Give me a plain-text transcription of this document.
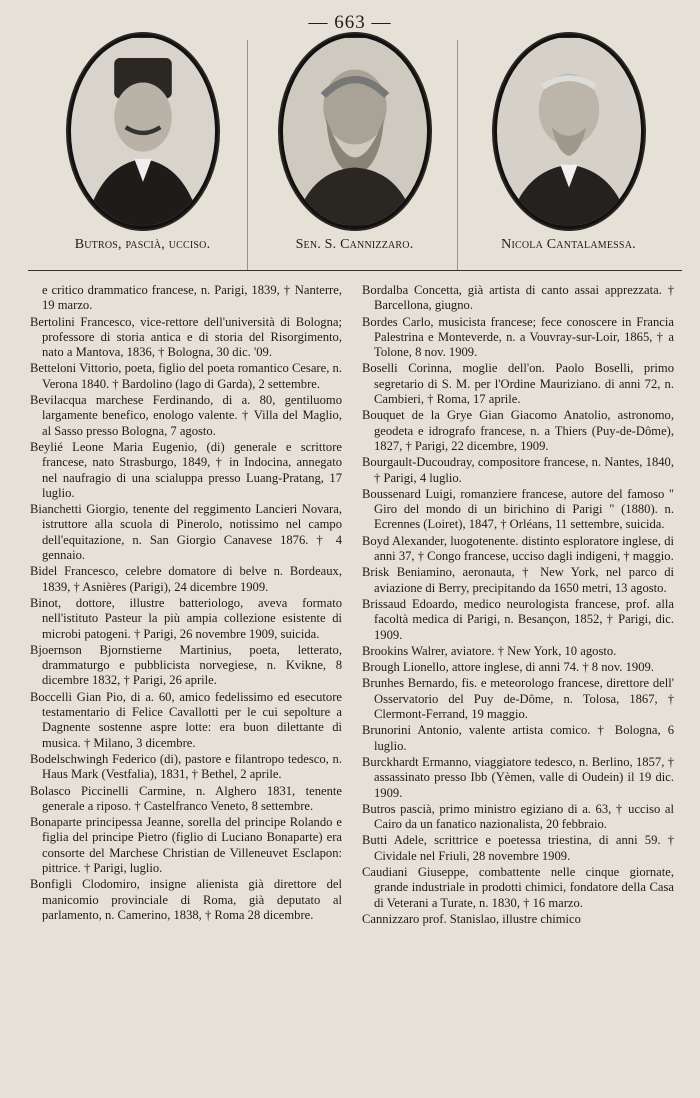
— 663 —
Butros, pascià, ucciso.	Sen. S. Cannizzaro.	Nicola Cantalamessa.

e critico drammatico francese, n. Parigi, 1839, † Nanterre, 19 marzo.

Bertolini Francesco, vice-rettore dell'università di Bologna; professore di storia antica e di storia del Risorgimento, nato a Mantova, 1836, † Bologna, 30 dic. '09.

Betteloni Vittorio, poeta, figlio del poeta romantico Cesare, n. Verona 1840. † Bardolino (lago di Garda), 2 settembre.

Bevilacqua marchese Ferdinando, di a. 80, gentiluomo largamente benefico, enologo valente. † Villa del Maglio, al Sasso presso Bologna, 7 agosto.

Beylié Leone Maria Eugenio, (di) generale e scrittore francese, nato Strasburgo, 1849, † in Indocina, annegato nel naufragio di una scialuppa presso Luang-Pratang, 17 luglio.

Bianchetti Giorgio, tenente del reggimento Lancieri Novara, istruttore alla scuola di Pinerolo, notissimo nel campo dell'equitazione, n. San Giorgio Canavese 1876. † 4 gennaio.

Bidel Francesco, celebre domatore di belve n. Bordeaux, 1839, † Asnières (Parigi), 24 dicembre 1909.

Binot, dottore, illustre batteriologo, aveva formato nell'istituto Pasteur la più ampia collezione esistente di microbi patogeni. † Parigi, 26 novembre 1909, suicida.

Bjoernson Bjornstierne Martinius, poeta, letterato, drammaturgo e pubblicista norvegiese, n. Kvikne, 8 dicembre 1832, † Parigi, 26 aprile.

Boccelli Gian Pio, di a. 60, amico fedelissimo ed esecutore testamentario di Felice Cavallotti per le cui sepolture a Dagnente sostenne aspre lotte: era buon dilettante di musica. † Milano, 3 dicembre.

Bodelschwingh Federico (di), pastore e filantropo tedesco, n. Haus Mark (Vestfalia), 1831, † Bethel, 2 aprile.

Bolasco Piccinelli Carmine, n. Alghero 1831, tenente generale a riposo. † Castelfranco Veneto, 8 settembre.

Bonaparte principessa Jeanne, sorella del principe Rolando e figlia del principe Pietro (figlio di Luciano Bonaparte) era consorte del Marchese Christian de Villeneuvet Esclapon: pittrice. † Parigi, luglio.

Bonfigli Clodomiro, insigne alienista già direttore del manicomio provinciale di Roma, già deputato al parlamento, n. Camerino, 1838, † Roma 28 dicembre.

Bordalba Concetta, già artista di canto assai apprezzata. † Barcellona, giugno.

Bordes Carlo, musicista francese; fece conoscere in Francia Palestrina e Monteverde, n. a Vouvray-sur-Loir, 1865, † a Tolone, 8 nov. 1909.

Boselli Corinna, moglie dell'on. Paolo Boselli, primo segretario di S. M. per l'Ordine Mauriziano. di anni 72, n. Cambieri, † Roma, 17 aprile.

Bouquet de la Grye Gian Giacomo Anatolio, astronomo, geodeta e idrografo francese, n. a Thiers (Puy-de-Dôme), 1827, † Parigi, 22 dicembre, 1909.

Bourgault-Ducoudray, compositore francese, n. Nantes, 1840, † Parigi, 4 luglio.

Boussenard Luigi, romanziere francese, autore del famoso " Giro del mondo di un birichino di Parigi " (1880). n. Ecrennes (Loiret), 1847, † Orléans, 11 settembre, suicida.

Boyd Alexander, luogotenente. distinto esploratore inglese, di anni 37, † Congo francese, ucciso dagli indigeni, † maggio.

Brisk Beniamino, aeronauta, † New York, nel parco di aviazione di Berry, precipitando da 1650 metri, 13 agosto.

Brissaud Edoardo, medico neurologista francese, prof. alla facoltà medica di Parigi, n. Besançon, 1852, † Parigi, dic. 1909.

Brookins Walrer, aviatore. † New York, 10 agosto.

Brough Lionello, attore inglese, di anni 74. † 8 nov. 1909.

Brunhes Bernardo, fis. e meteorologo francese, direttore dell' Osservatorio del Puy de-Dôme, n. Tolosa, 1867, † Clermont-Ferrand, 19 maggio.

Brunorini Antonio, valente artista comico. † Bologna, 6 luglio.

Burckhardt Ermanno, viaggiatore tedesco, n. Berlino, 1857, † assassinato presso Ibb (Yèmen, valle di Oudein) il 19 dic. 1909.

Butros pascià, primo ministro egiziano di a. 63, † ucciso al Cairo da un fanatico nazionalista, 20 febbraio.

Butti Adele, scrittrice e poetessa triestina, di anni 59. † Cividale nel Friuli, 28 novembre 1909.

Caudiani Giuseppe, combattente nelle cinque giornate, grande industriale in prodotti chimici, fondatore della Casa di Veterani a Turate, n. 1830, † 16 marzo.

Cannizzaro prof. Stanislao, illustre chimico
